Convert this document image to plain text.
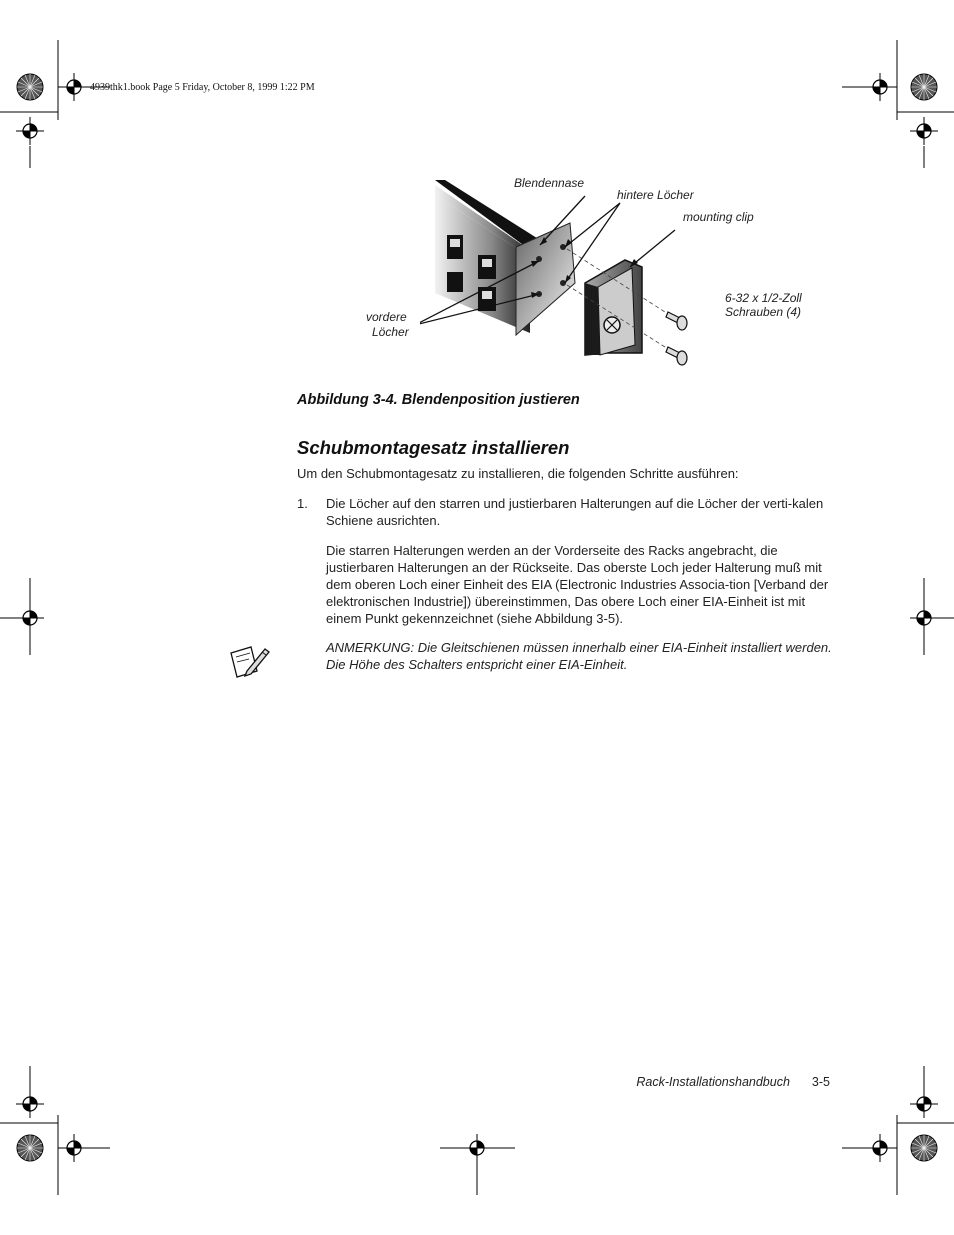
4939thk1.book Page 5 Friday, October 8, 1999 1:22 PM
Blendennase
hintere Löcher
mounting clip
6-32 x 1/2-Zoll
Schrauben (4)
vordere
Löcher
Abbildung 3-4. Blendenposition justieren
Schubmontagesatz installieren
Um den Schubmontagesatz zu installieren, die folgenden Schritte ausführen:
1. Die Löcher auf den starren und justierbaren Halterungen auf die Löcher der verti-kalen Schiene ausrichten.
Die starren Halterungen werden an der Vorderseite des Racks angebracht, die justierbaren Halterungen an der Rückseite. Das oberste Loch jeder Halterung muß mit dem oberen Loch einer Einheit des EIA (Electronic Industries Associa-tion [Verband der elektronischen Industrie]) übereinstimmen, Das obere Loch einer EIA-Einheit ist mit einem Punkt gekennzeichnet (siehe Abbildung 3-5).
ANMERKUNG: Die Gleitschienen müssen innerhalb einer EIA-Einheit installiert werden. Die Höhe des Schalters entspricht einer EIA-Einheit.
Rack-Installationshandbuch 3-5
